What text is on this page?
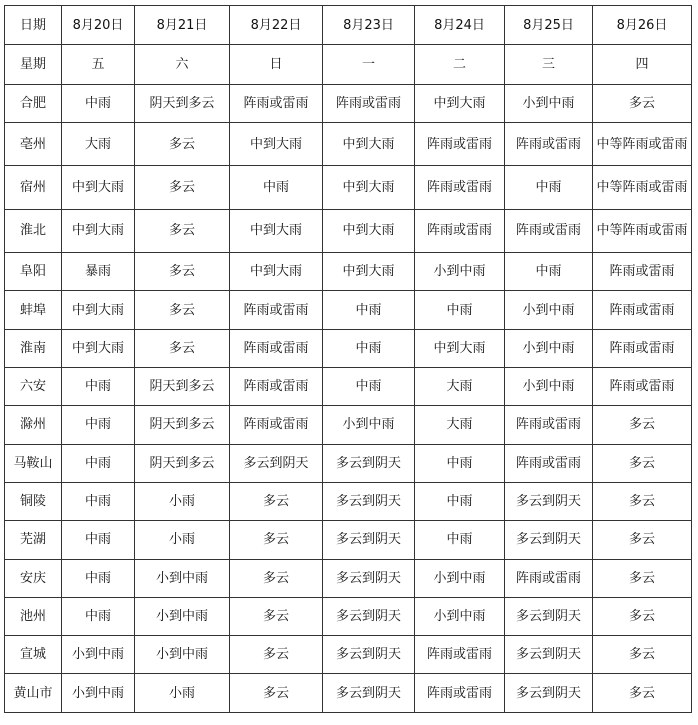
日期	8月20日	8月21日	8月22日	8月23日	8月24日	8月25日	8月26日
星期	五	六	日	一	二	三	四
合肥	中雨	阴天到多云	阵雨或雷雨	阵雨或雷雨	中到大雨	小到中雨	多云
亳州	大雨	多云	中到大雨	中到大雨	阵雨或雷雨	阵雨或雷雨	中等阵雨或雷雨
宿州	中到大雨	多云	中雨	中到大雨	阵雨或雷雨	中雨	中等阵雨或雷雨
淮北	中到大雨	多云	中到大雨	中到大雨	阵雨或雷雨	阵雨或雷雨	中等阵雨或雷雨
阜阳	暴雨	多云	中到大雨	中到大雨	小到中雨	中雨	阵雨或雷雨
蚌埠	中到大雨	多云	阵雨或雷雨	中雨	中雨	小到中雨	阵雨或雷雨
淮南	中到大雨	多云	阵雨或雷雨	中雨	中到大雨	小到中雨	阵雨或雷雨
六安	中雨	阴天到多云	阵雨或雷雨	中雨	大雨	小到中雨	阵雨或雷雨
滁州	中雨	阴天到多云	阵雨或雷雨	小到中雨	大雨	阵雨或雷雨	多云
马鞍山	中雨	阴天到多云	多云到阴天	多云到阴天	中雨	阵雨或雷雨	多云
铜陵	中雨	小雨	多云	多云到阴天	中雨	多云到阴天	多云
芜湖	中雨	小雨	多云	多云到阴天	中雨	多云到阴天	多云
安庆	中雨	小到中雨	多云	多云到阴天	小到中雨	阵雨或雷雨	多云
池州	中雨	小到中雨	多云	多云到阴天	小到中雨	多云到阴天	多云
宣城	小到中雨	小到中雨	多云	多云到阴天	阵雨或雷雨	多云到阴天	多云
黄山市	小到中雨	小雨	多云	多云到阴天	阵雨或雷雨	多云到阴天	多云
